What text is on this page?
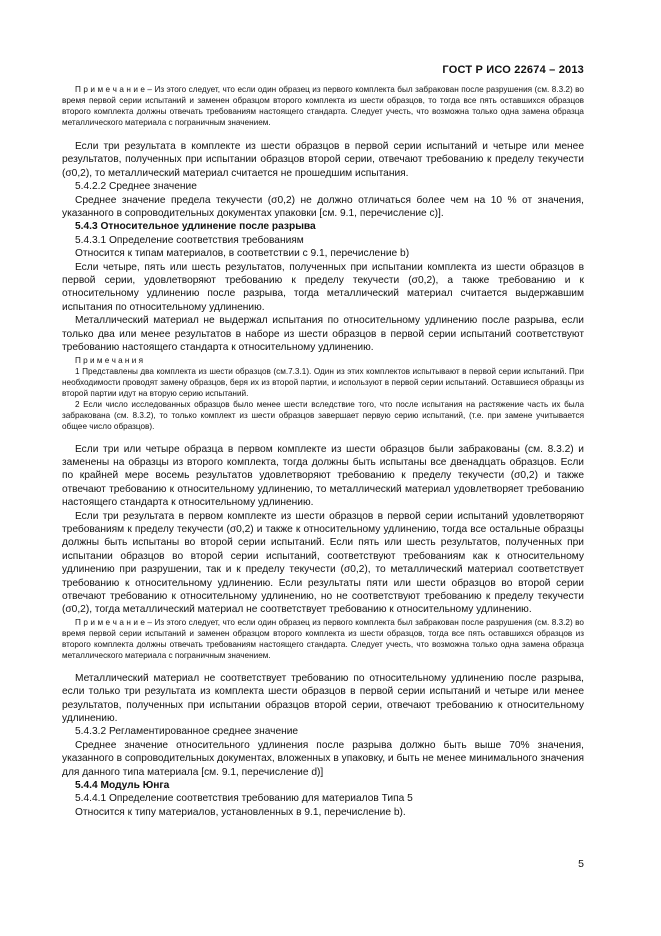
ГОСТ Р ИСО 22674 – 2013

П р и м е ч а н и е – Из этого следует, что если один образец из первого комплекта был забракован после разрушения (см. 8.3.2) во время первой серии испытаний и заменен образцом второго комплекта из шести образцов, то тогда все пять оставшихся образцов второго комплекта должны отвечать требованиям настоящего стандарта. Следует учесть, что возможна только одна замена образца металлического материала с пограничным значением.

Если три результата в комплекте из шести образцов в первой серии испытаний и четыре или менее результатов, полученных при испытании образцов второй серии, отвечают требованию к пределу текучести (σ0,2), то металлический материал считается не прошедшим испытания.

5.4.2.2 Среднее значение

Среднее значение предела текучести (σ0,2) не должно отличаться более чем на 10 % от значения, указанного в сопроводительных документах упаковки [см. 9.1, перечисление c)].

5.4.3 Относительное удлинение после разрыва

5.4.3.1 Определение соответствия требованиям

Относится к типам материалов, в соответствии с 9.1, перечисление b)

Если четыре, пять или шесть результатов, полученных при испытании комплекта из шести образцов в первой серии, удовлетворяют требованию к пределу текучести (σ0,2), а также требованию и к относительному удлинению после разрыва, тогда металлический материал считается выдержавшим испытания по относительному удлинению.

Металлический материал не выдержал испытания по относительному удлинению после разрыва, если только два или менее результатов в наборе из шести образцов в первой серии испытаний соответствуют требованию настоящего стандарта к относительному удлинению.

П р и м е ч а н и я

1 Представлены два комплекта из шести образцов (см.7.3.1). Один из этих комплектов испытывают в первой серии испытаний. При необходимости проводят замену образцов, беря их из второй партии, и используют в первой серии испытаний. Оставшиеся образцы из второй партии идут на вторую серию испытаний.

2 Если число исследованных образцов было менее шести вследствие того, что после испытания на растяжение часть их была забракована (см. 8.3.2), то только комплект из шести образцов завершает первую серию испытаний, (т.е. при замене учитывается общее число образцов).

Если три или четыре образца в первом комплекте из шести образцов были забракованы (см. 8.3.2) и заменены на образцы из второго комплекта, тогда должны быть испытаны все двенадцать образцов. Если по крайней мере восемь результатов удовлетворяют требованию к пределу текучести (σ0,2) и также отвечают требованию к относительному удлинению, то металлический материал удовлетворяет требованию настоящего стандарта к относительному удлинению.

Если три результата в первом комплекте из шести образцов в первой серии испытаний удовлетворяют требованиям к пределу текучести (σ0,2) и также к относительному удлинению, тогда все остальные образцы должны быть испытаны во второй серии испытаний. Если пять или шесть результатов, полученных при испытании образцов во второй серии испытаний, соответствуют требованиям как к относительному удлинению при разрушении, так и к пределу текучести (σ0,2), то металлический материал соответствует требованию к относительному удлинению. Если результаты пяти или шести образцов во второй серии отвечают требованию к относительному удлинению, но не соответствуют требованию к пределу текучести (σ0,2), тогда металлический материал не соответствует требованию к относительному удлинению.

П р и м е ч а н и е – Из этого следует, что если один образец из первого комплекта был забракован после разрушения (см. 8.3.2) во время первой серии испытаний и заменен образцом второго комплекта из шести образцов, тогда все пять оставшихся образцов из второго комплекта должны отвечать требованиям настоящего стандарта. Следует учесть, что возможна только одна замена образца металлического материала с пограничным значением.

Металлический материал не соответствует требованию по относительному удлинению после разрыва, если только три результата из комплекта шести образцов в первой серии испытаний и четыре или менее результатов, полученных при испытании образцов второй серии, отвечают требованию к относительному удлинению.

5.4.3.2 Регламентированное среднее значение

Среднее значение относительного удлинения после разрыва должно быть выше 70% значения, указанного в сопроводительных документах, вложенных в упаковку, и быть не менее минимального значения для данного типа материала [см. 9.1, перечисление d)]

5.4.4 Модуль Юнга

5.4.4.1 Определение соответствия требованию для материалов Типа 5

Относится к типу материалов, установленных в 9.1, перечисление b).

5
